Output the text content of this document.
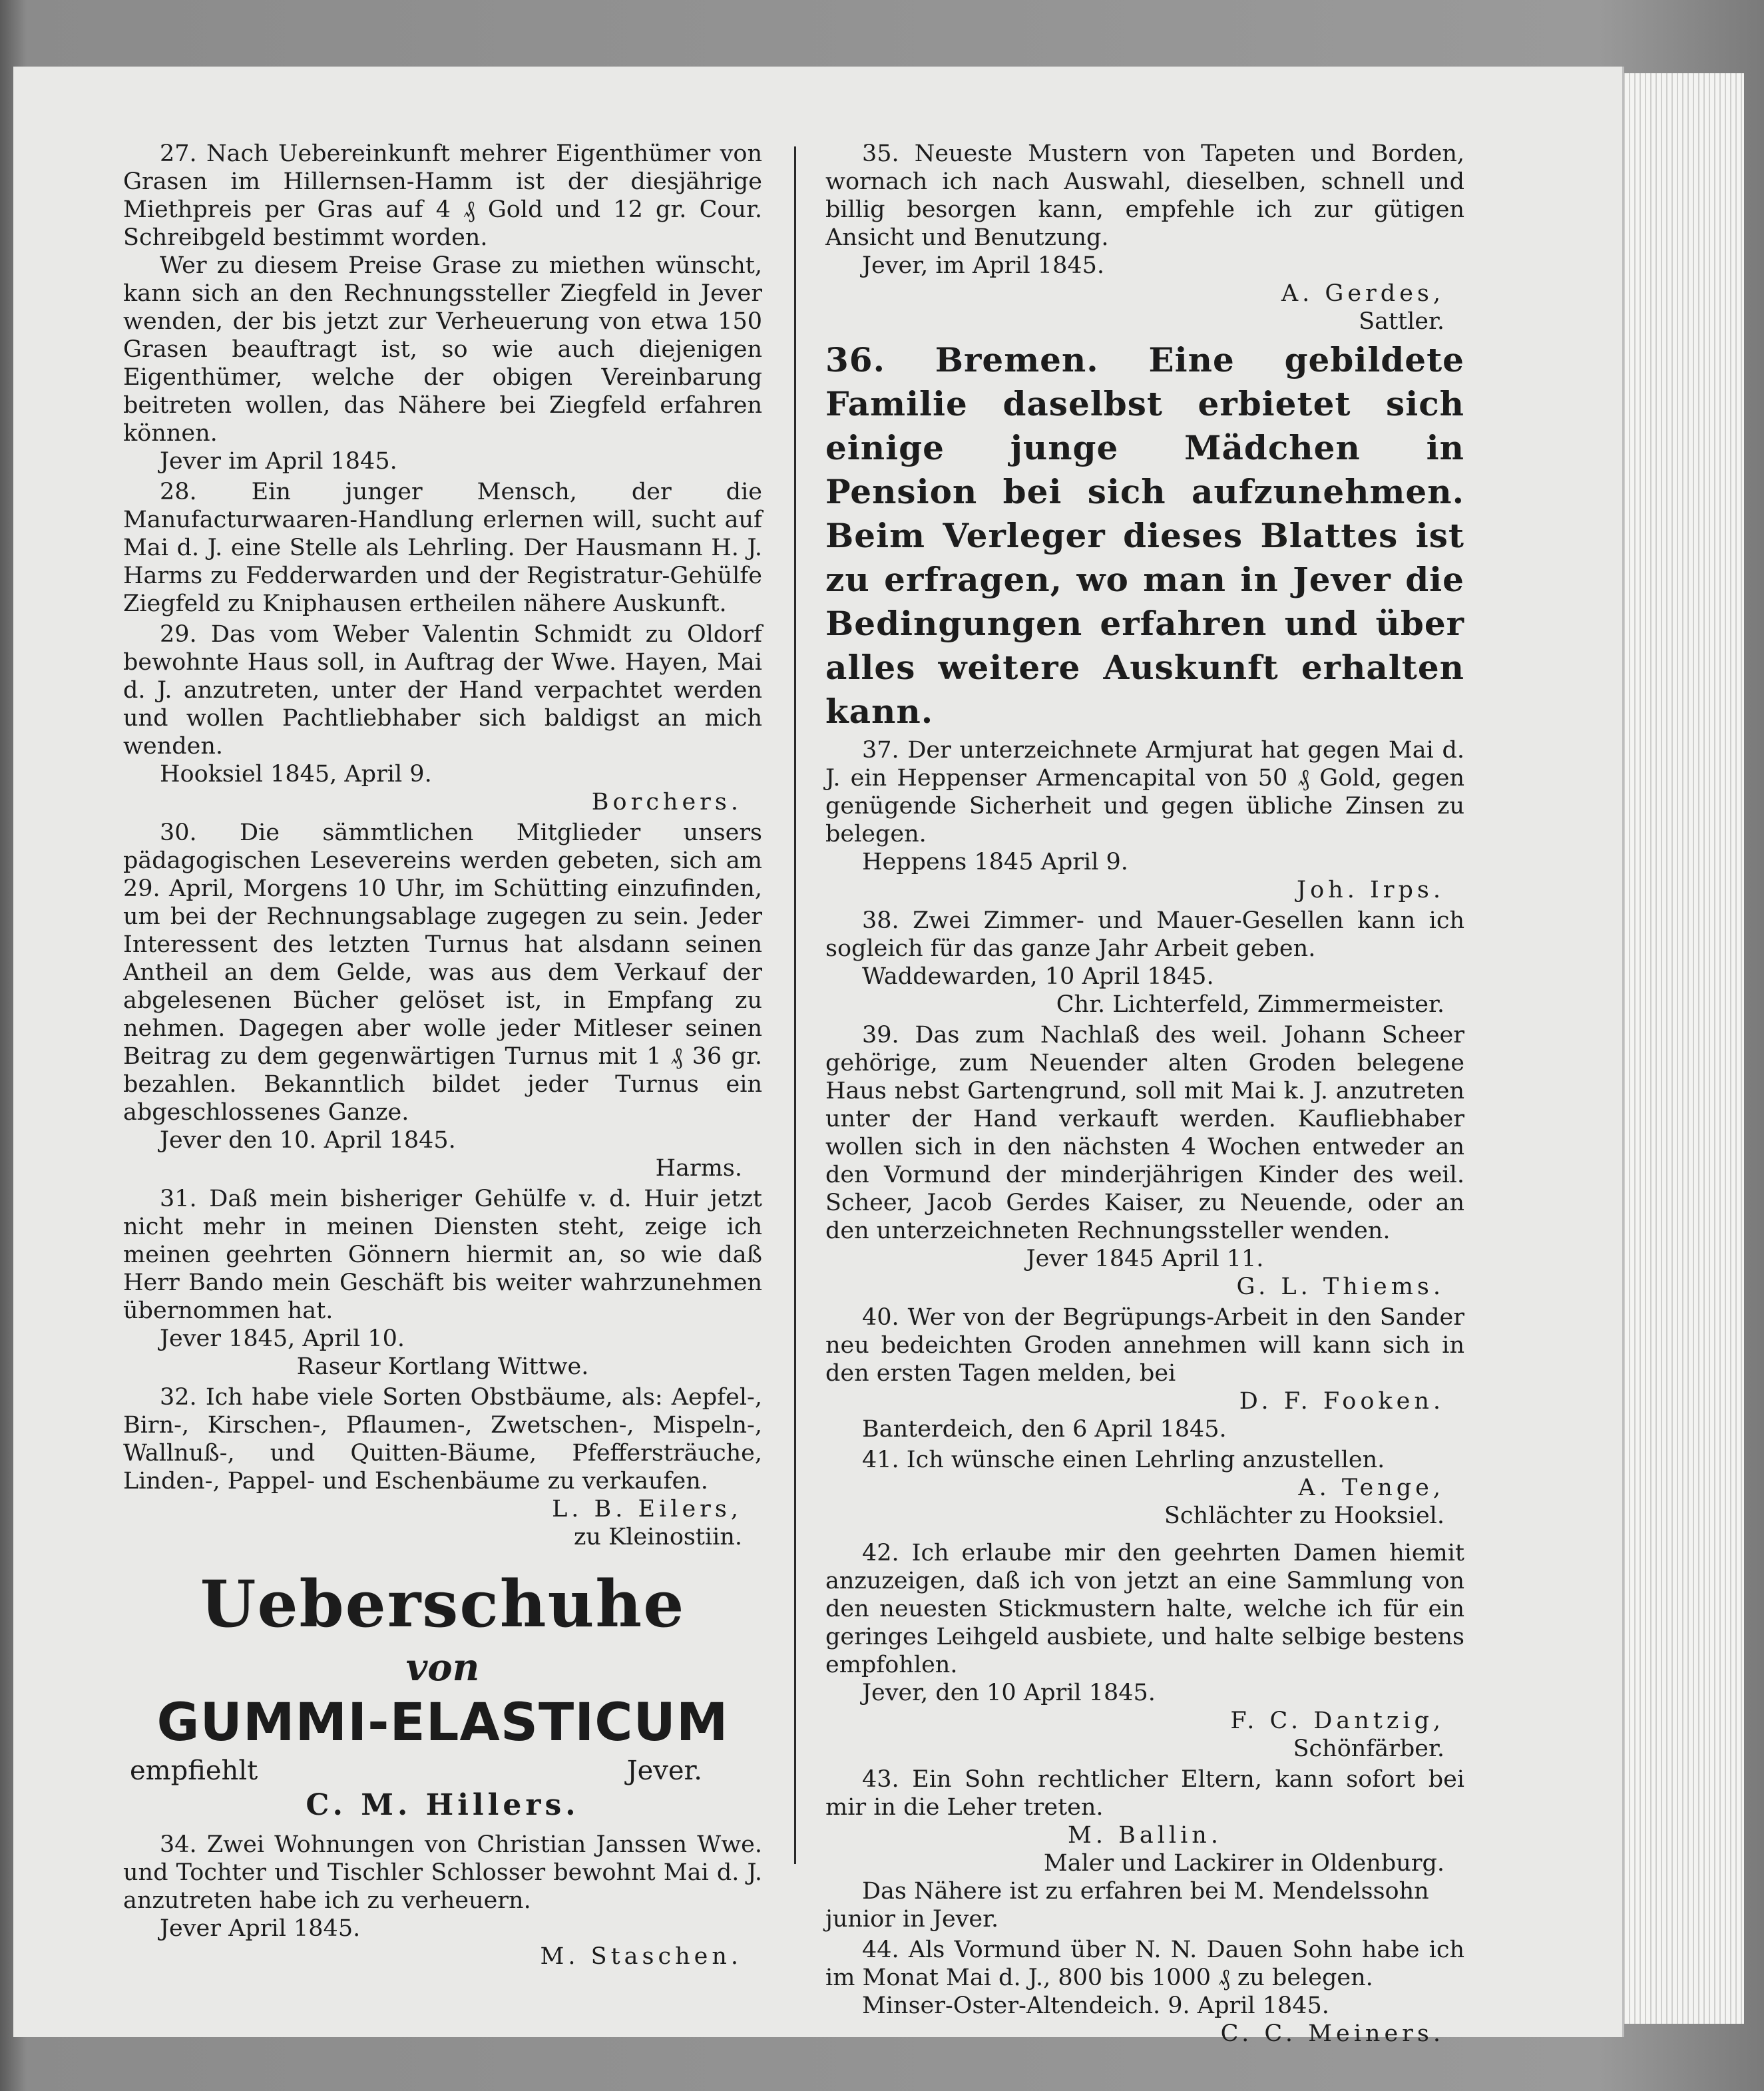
27. Nach Uebereinkunft mehrer Eigenthümer von Grasen im Hillernsen-Hamm ist der diesjährige Miethpreis per Gras auf 4 ₰ Gold und 12 gr. Cour. Schreibgeld bestimmt worden.
Wer zu diesem Preise Grase zu miethen wünscht, kann sich an den Rechnungssteller Ziegfeld in Jever wenden, der bis jetzt zur Verheuerung von etwa 150 Grasen beauftragt ist, so wie auch diejenigen Eigenthümer, welche der obigen Vereinbarung beitreten wollen, das Nähere bei Ziegfeld erfahren können.
Jever im April 1845.
28. Ein junger Mensch, der die Manufacturwaaren-Handlung erlernen will, sucht auf Mai d. J. eine Stelle als Lehrling. Der Hausmann H. J. Harms zu Fedderwarden und der Registratur-Gehülfe Ziegfeld zu Kniphausen ertheilen nähere Auskunft.
29. Das vom Weber Valentin Schmidt zu Oldorf bewohnte Haus soll, in Auftrag der Wwe. Hayen, Mai d. J. anzutreten, unter der Hand verpachtet werden und wollen Pachtliebhaber sich baldigst an mich wenden.
Hooksiel 1845, April 9.
Borchers.
30. Die sämmtlichen Mitglieder unsers pädagogischen Lesevereins werden gebeten, sich am 29. April, Morgens 10 Uhr, im Schütting einzufinden, um bei der Rechnungsablage zugegen zu sein. Jeder Interessent des letzten Turnus hat alsdann seinen Antheil an dem Gelde, was aus dem Verkauf der abgelesenen Bücher gelöset ist, in Empfang zu nehmen. Dagegen aber wolle jeder Mitleser seinen Beitrag zu dem gegenwärtigen Turnus mit 1 ₰ 36 gr. bezahlen. Bekanntlich bildet jeder Turnus ein abgeschlossenes Ganze.
Jever den 10. April 1845.
Harms.
31. Daß mein bisheriger Gehülfe v. d. Huir jetzt nicht mehr in meinen Diensten steht, zeige ich meinen geehrten Gönnern hiermit an, so wie daß Herr Bando mein Geschäft bis weiter wahrzunehmen übernommen hat.
Jever 1845, April 10.
Raseur Kortlang Wittwe.
32. Ich habe viele Sorten Obstbäume, als: Aepfel-, Birn-, Kirschen-, Pflaumen-, Zwetschen-, Mispeln-, Wallnuß-, und Quitten-Bäume, Pfeffersträuche, Linden-, Pappel- und Eschenbäume zu verkaufen.
L. B. Eilers,
zu Kleinostiin.
Ueberschuhe
von
GUMMI-ELASTICUM
empfiehlt	Jever.
C. M. Hillers.
34. Zwei Wohnungen von Christian Janssen Wwe. und Tochter und Tischler Schlosser bewohnt Mai d. J. anzutreten habe ich zu verheuern.
Jever April 1845.
M. Staschen.
35. Neueste Mustern von Tapeten und Borden, wornach ich nach Auswahl, dieselben, schnell und billig besorgen kann, empfehle ich zur gütigen Ansicht und Benutzung.
Jever, im April 1845.
A. Gerdes,
Sattler.
36. Bremen. Eine gebildete Familie daselbst erbietet sich einige junge Mädchen in Pension bei sich aufzunehmen. Beim Verleger dieses Blattes ist zu erfragen, wo man in Jever die Bedingungen erfahren und über alles weitere Auskunft erhalten kann.
37. Der unterzeichnete Armjurat hat gegen Mai d. J. ein Heppenser Armencapital von 50 ₰ Gold, gegen genügende Sicherheit und gegen übliche Zinsen zu belegen.
Heppens 1845 April 9.
Joh. Irps.
38. Zwei Zimmer- und Mauer-Gesellen kann ich sogleich für das ganze Jahr Arbeit geben.
Waddewarden, 10 April 1845.
Chr. Lichterfeld, Zimmermeister.
39. Das zum Nachlaß des weil. Johann Scheer gehörige, zum Neuender alten Groden belegene Haus nebst Gartengrund, soll mit Mai k. J. anzutreten unter der Hand verkauft werden. Kaufliebhaber wollen sich in den nächsten 4 Wochen entweder an den Vormund der minderjährigen Kinder des weil. Scheer, Jacob Gerdes Kaiser, zu Neuende, oder an den unterzeichneten Rechnungssteller wenden.
Jever 1845 April 11.
G. L. Thiems.
40. Wer von der Begrüpungs-Arbeit in den Sander neu bedeichten Groden annehmen will kann sich in den ersten Tagen melden, bei
D. F. Fooken.
Banterdeich, den 6 April 1845.
41. Ich wünsche einen Lehrling anzustellen.
A. Tenge,
Schlächter zu Hooksiel.
42. Ich erlaube mir den geehrten Damen hiemit anzuzeigen, daß ich von jetzt an eine Sammlung von den neuesten Stickmustern halte, welche ich für ein geringes Leihgeld ausbiete, und halte selbige bestens empfohlen.
Jever, den 10 April 1845.
F. C. Dantzig,
Schönfärber.
43. Ein Sohn rechtlicher Eltern, kann sofort bei mir in die Leher treten.
M. Ballin.
Maler und Lackirer in Oldenburg.
Das Nähere ist zu erfahren bei M. Mendelssohn junior in Jever.
44. Als Vormund über N. N. Dauen Sohn habe ich im Monat Mai d. J., 800 bis 1000 ₰ zu belegen.
Minser-Oster-Altendeich. 9. April 1845.
C. C. Meiners.
